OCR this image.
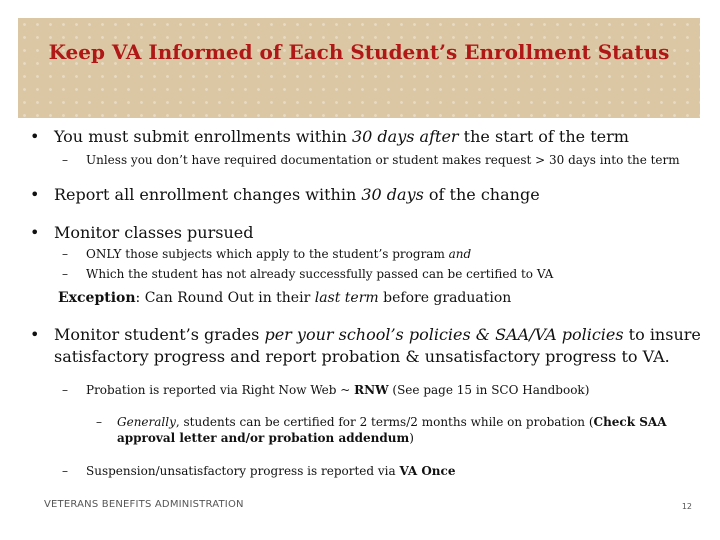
Keep VA Informed of Each Student’s Enrollment Status
• You must submit enrollments within 30 days after the start of the term
– Unless you don’t have required documentation or student makes request > 30 days into the term
• Report all enrollment changes within 30 days of the change
• Monitor classes pursued
– ONLY those subjects which apply to the student’s program and
– Which the student has not already successfully passed can be certified to VA
Exception: Can Round Out in their last term before graduation
• Monitor student’s grades per your school’s policies & SAA/VA policies to insure
satisfactory progress and report probation & unsatisfactory progress to VA.
– Probation is reported via Right Now Web ~ RNW (See page 15 in SCO Handbook)
– Generally, students can be certified for 2 terms/2 months while on probation (Check SAA
approval letter and/or probation addendum)
– Suspension/unsatisfactory progress is reported via VA Once
VETERANS BENEFITS ADMINISTRATION	12
